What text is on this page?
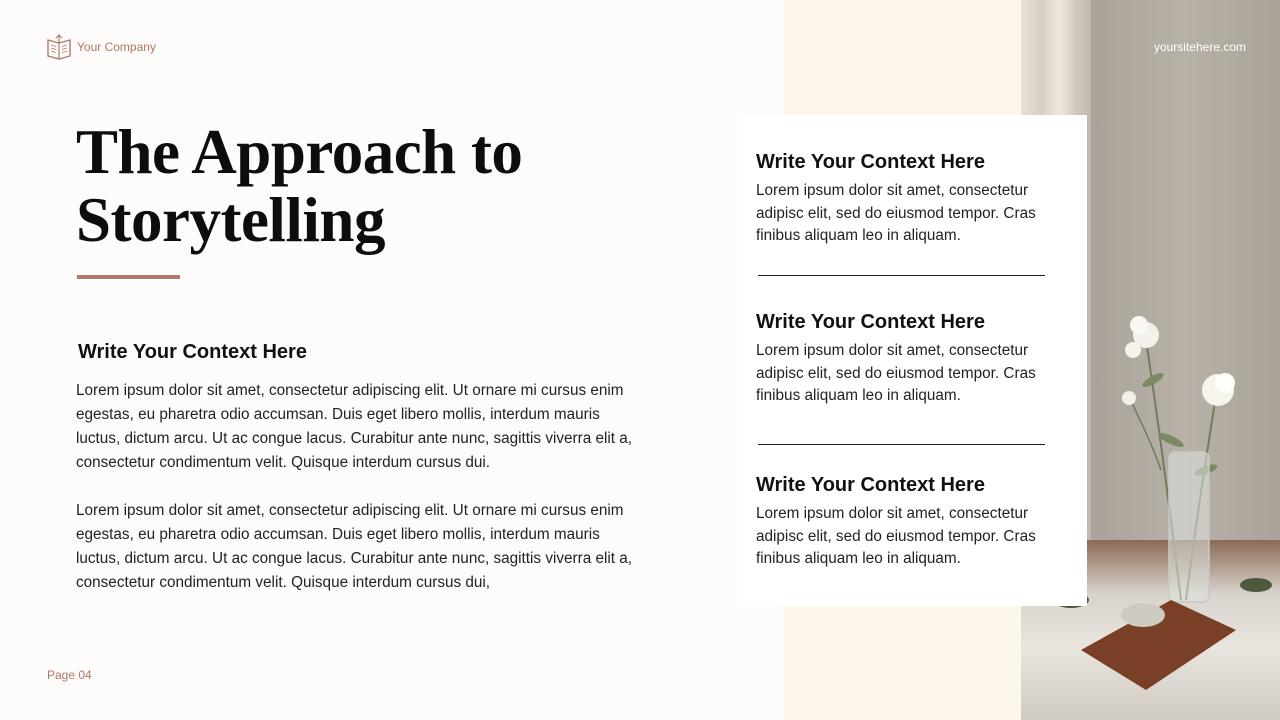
Your Company	yoursitehere.com
The Approach to
Storytelling
Write Your Context Here

Lorem ipsum dolor sit amet, consectetur adipiscing elit. Ut ornare mi cursus enim egestas, eu pharetra odio accumsan. Duis eget libero mollis, interdum mauris luctus, dictum arcu. Ut ac congue lacus. Curabitur ante nunc, sagittis viverra elit a, consectetur condimentum velit. Quisque interdum cursus dui.

Lorem ipsum dolor sit amet, consectetur adipiscing elit. Ut ornare mi cursus enim egestas, eu pharetra odio accumsan. Duis eget libero mollis, interdum mauris luctus, dictum arcu. Ut ac congue lacus. Curabitur ante nunc, sagittis viverra elit a, consectetur condimentum velit. Quisque interdum cursus dui,

Write Your Context Here

Lorem ipsum dolor sit amet, consectetur adipisc elit, sed do eiusmod tempor. Cras finibus aliquam leo in aliquam.

Write Your Context Here

Lorem ipsum dolor sit amet, consectetur adipisc elit, sed do eiusmod tempor. Cras finibus aliquam leo in aliquam.

Write Your Context Here

Lorem ipsum dolor sit amet, consectetur adipisc elit, sed do eiusmod tempor. Cras finibus aliquam leo in aliquam.

Page 04
